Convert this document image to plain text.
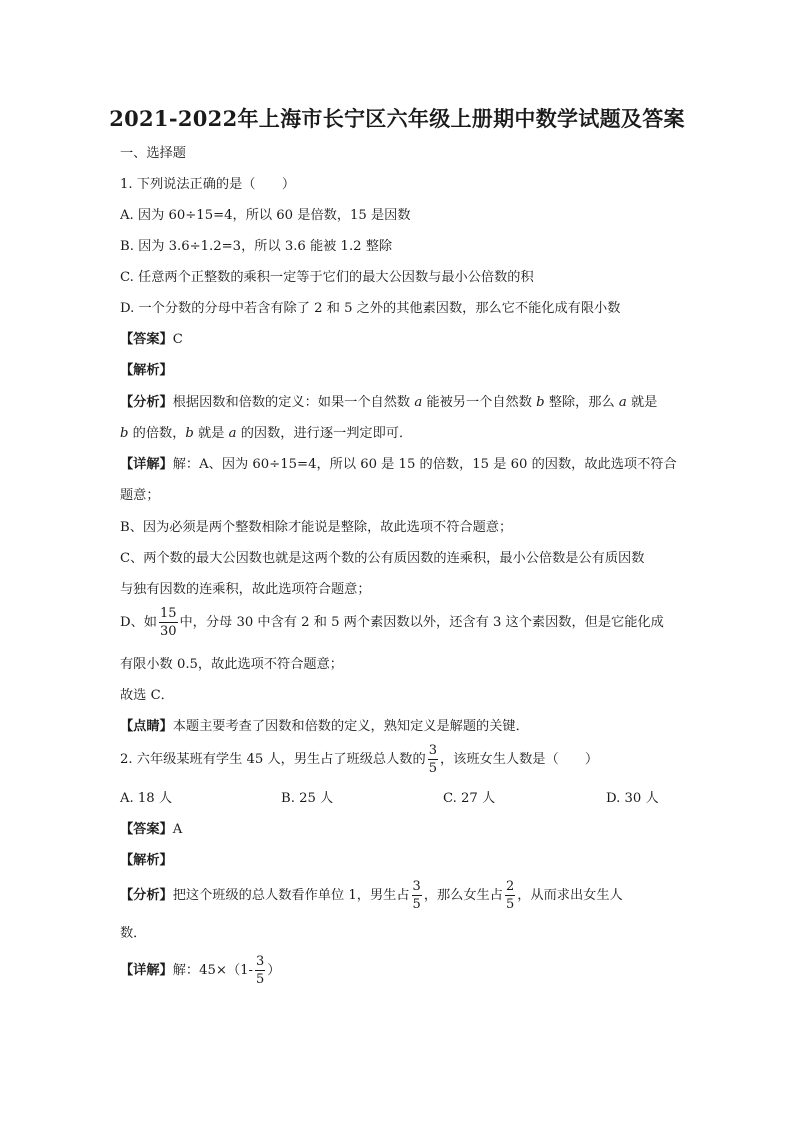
2021-2022年上海市长宁区六年级上册期中数学试题及答案
一、选择题
1. 下列说法正确的是（　　）
A. 因为 60÷15=4，所以 60 是倍数，15 是因数
B. 因为 3.6÷1.2=3，所以 3.6 能被 1.2 整除
C. 任意两个正整数的乘积一定等于它们的最大公因数与最小公倍数的积
D. 一个分数的分母中若含有除了 2 和 5 之外的其他素因数，那么它不能化成有限小数
【答案】C
【解析】
【分析】根据因数和倍数的定义：如果一个自然数 a 能被另一个自然数 b 整除，那么 a 就是
b 的倍数，b 就是 a 的因数，进行逐一判定即可．
【详解】解：A、因为 60÷15=4，所以 60 是 15 的倍数，15 是 60 的因数，故此选项不符合
题意；
B、因为必须是两个整数相除才能说是整除，故此选项不符合题意；
C、两个数的最大公因数也就是这两个数的公有质因数的连乘积，最小公倍数是公有质因数
与独有因数的连乘积，故此选项符合题意；
D、如 $\frac{15}{30}$ 中，分母 30 中含有 2 和 5 两个素因数以外，还含有 3 这个素因数，但是它能化成
有限小数 0.5，故此选项不符合题意；
故选 C．
【点睛】本题主要考查了因数和倍数的定义，熟知定义是解题的关键．
2. 六年级某班有学生 45 人，男生占了班级总人数的 $\frac{3}{5}$ ，该班女生人数是（　　）
A. 18 人	B. 25 人	C. 27 人	D. 30 人
【答案】A
【解析】
【分析】把这个班级的总人数看作单位 1，男生占 $\frac{3}{5}$ ，那么女生占 $\frac{2}{5}$ ，从而求出女生人
数．
【详解】解：$45\times(1- \frac{3}{5}$ ）
